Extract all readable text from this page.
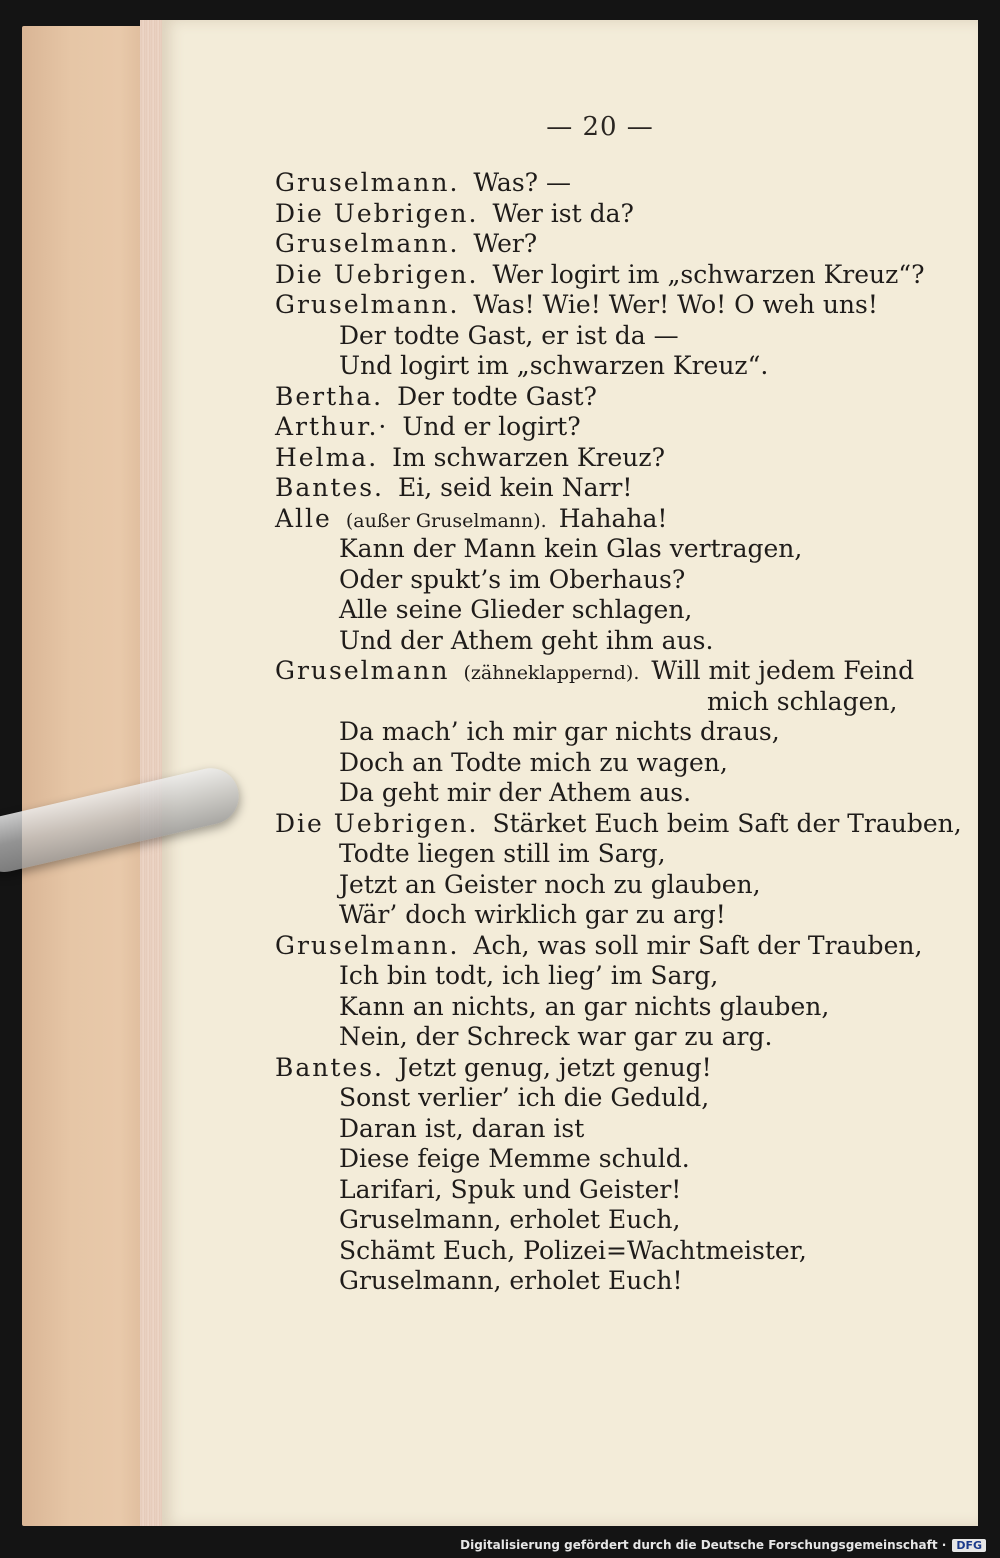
— 20 —
Gruselmann. Was? —
Die Uebrigen. Wer ist da?
Gruselmann. Wer?
Die Uebrigen. Wer logirt im „schwarzen Kreuz“?
Gruselmann. Was! Wie! Wer! Wo! O weh uns!
Der todte Gast, er ist da —
Und logirt im „schwarzen Kreuz“.
Bertha. Der todte Gast?
Arthur.· Und er logirt?
Helma. Im schwarzen Kreuz?
Bantes. Ei, seid kein Narr!
Alle (außer Gruselmann). Hahaha!
Kann der Mann kein Glas vertragen,
Oder spukt’s im Oberhaus?
Alle seine Glieder schlagen,
Und der Athem geht ihm aus.
Gruselmann (zähneklappernd). Will mit jedem Feind
mich schlagen,
Da mach’ ich mir gar nichts draus,
Doch an Todte mich zu wagen,
Da geht mir der Athem aus.
Die Uebrigen. Stärket Euch beim Saft der Trauben,
Todte liegen still im Sarg,
Jetzt an Geister noch zu glauben,
Wär’ doch wirklich gar zu arg!
Gruselmann. Ach, was soll mir Saft der Trauben,
Ich bin todt, ich lieg’ im Sarg,
Kann an nichts, an gar nichts glauben,
Nein, der Schreck war gar zu arg.
Bantes. Jetzt genug, jetzt genug!
Sonst verlier’ ich die Geduld,
Daran ist, daran ist
Diese feige Memme schuld.
Larifari, Spuk und Geister!
Gruselmann, erholet Euch,
Schämt Euch, Polizei=Wachtmeister,
Gruselmann, erholet Euch!
Digitalisierung gefördert durch die Deutsche Forschungsgemeinschaft · DFG
